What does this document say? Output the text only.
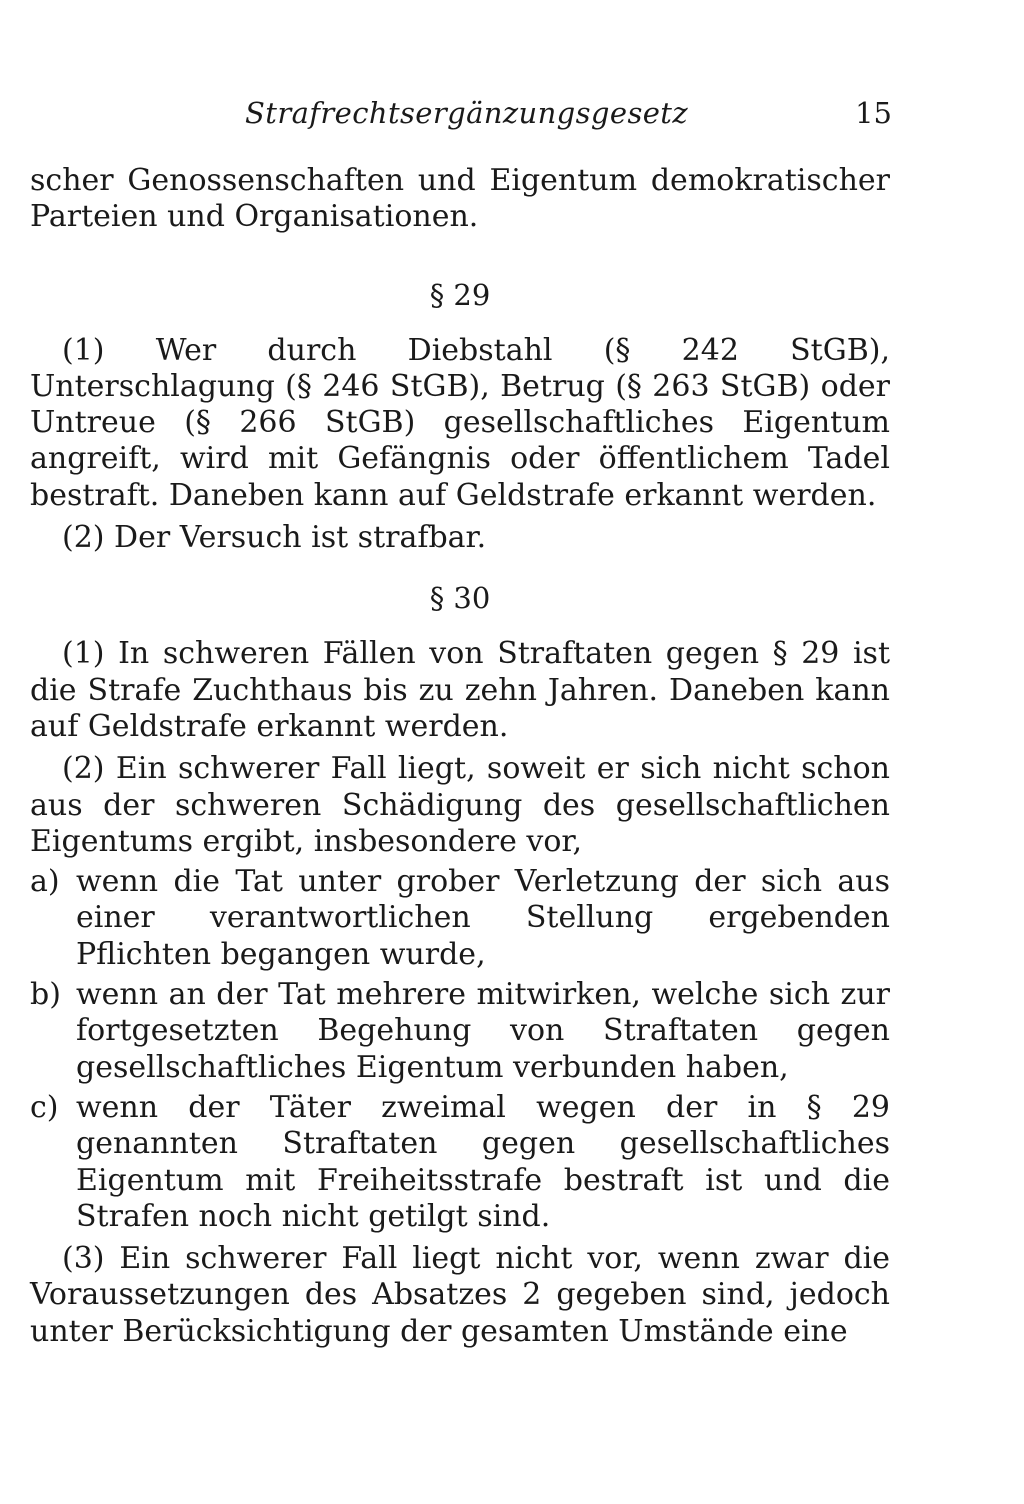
Strafrechtsergänzungsgesetz	15

scher Genossenschaften und Eigentum demokratischer Parteien und Organisationen.

§ 29

(1) Wer durch Diebstahl (§ 242 StGB), Unterschlagung (§ 246 StGB), Betrug (§ 263 StGB) oder Untreue (§ 266 StGB) gesellschaftliches Eigentum angreift, wird mit Gefängnis oder öffentlichem Tadel bestraft. Daneben kann auf Geldstrafe erkannt werden.

(2) Der Versuch ist strafbar.

§ 30

(1) In schweren Fällen von Straftaten gegen § 29 ist die Strafe Zuchthaus bis zu zehn Jahren. Daneben kann auf Geldstrafe erkannt werden.

(2) Ein schwerer Fall liegt, soweit er sich nicht schon aus der schweren Schädigung des gesellschaftlichen Eigentums ergibt, insbesondere vor,

a) wenn die Tat unter grober Verletzung der sich aus einer verantwortlichen Stellung ergebenden Pflichten begangen wurde,
b) wenn an der Tat mehrere mitwirken, welche sich zur fortgesetzten Begehung von Straftaten gegen gesellschaftliches Eigentum verbunden haben,
c) wenn der Täter zweimal wegen der in § 29 genannten Straftaten gegen gesellschaftliches Eigentum mit Freiheitsstrafe bestraft ist und die Strafen noch nicht getilgt sind.

(3) Ein schwerer Fall liegt nicht vor, wenn zwar die Voraussetzungen des Absatzes 2 gegeben sind, jedoch unter Berücksichtigung der gesamten Umstände eine
